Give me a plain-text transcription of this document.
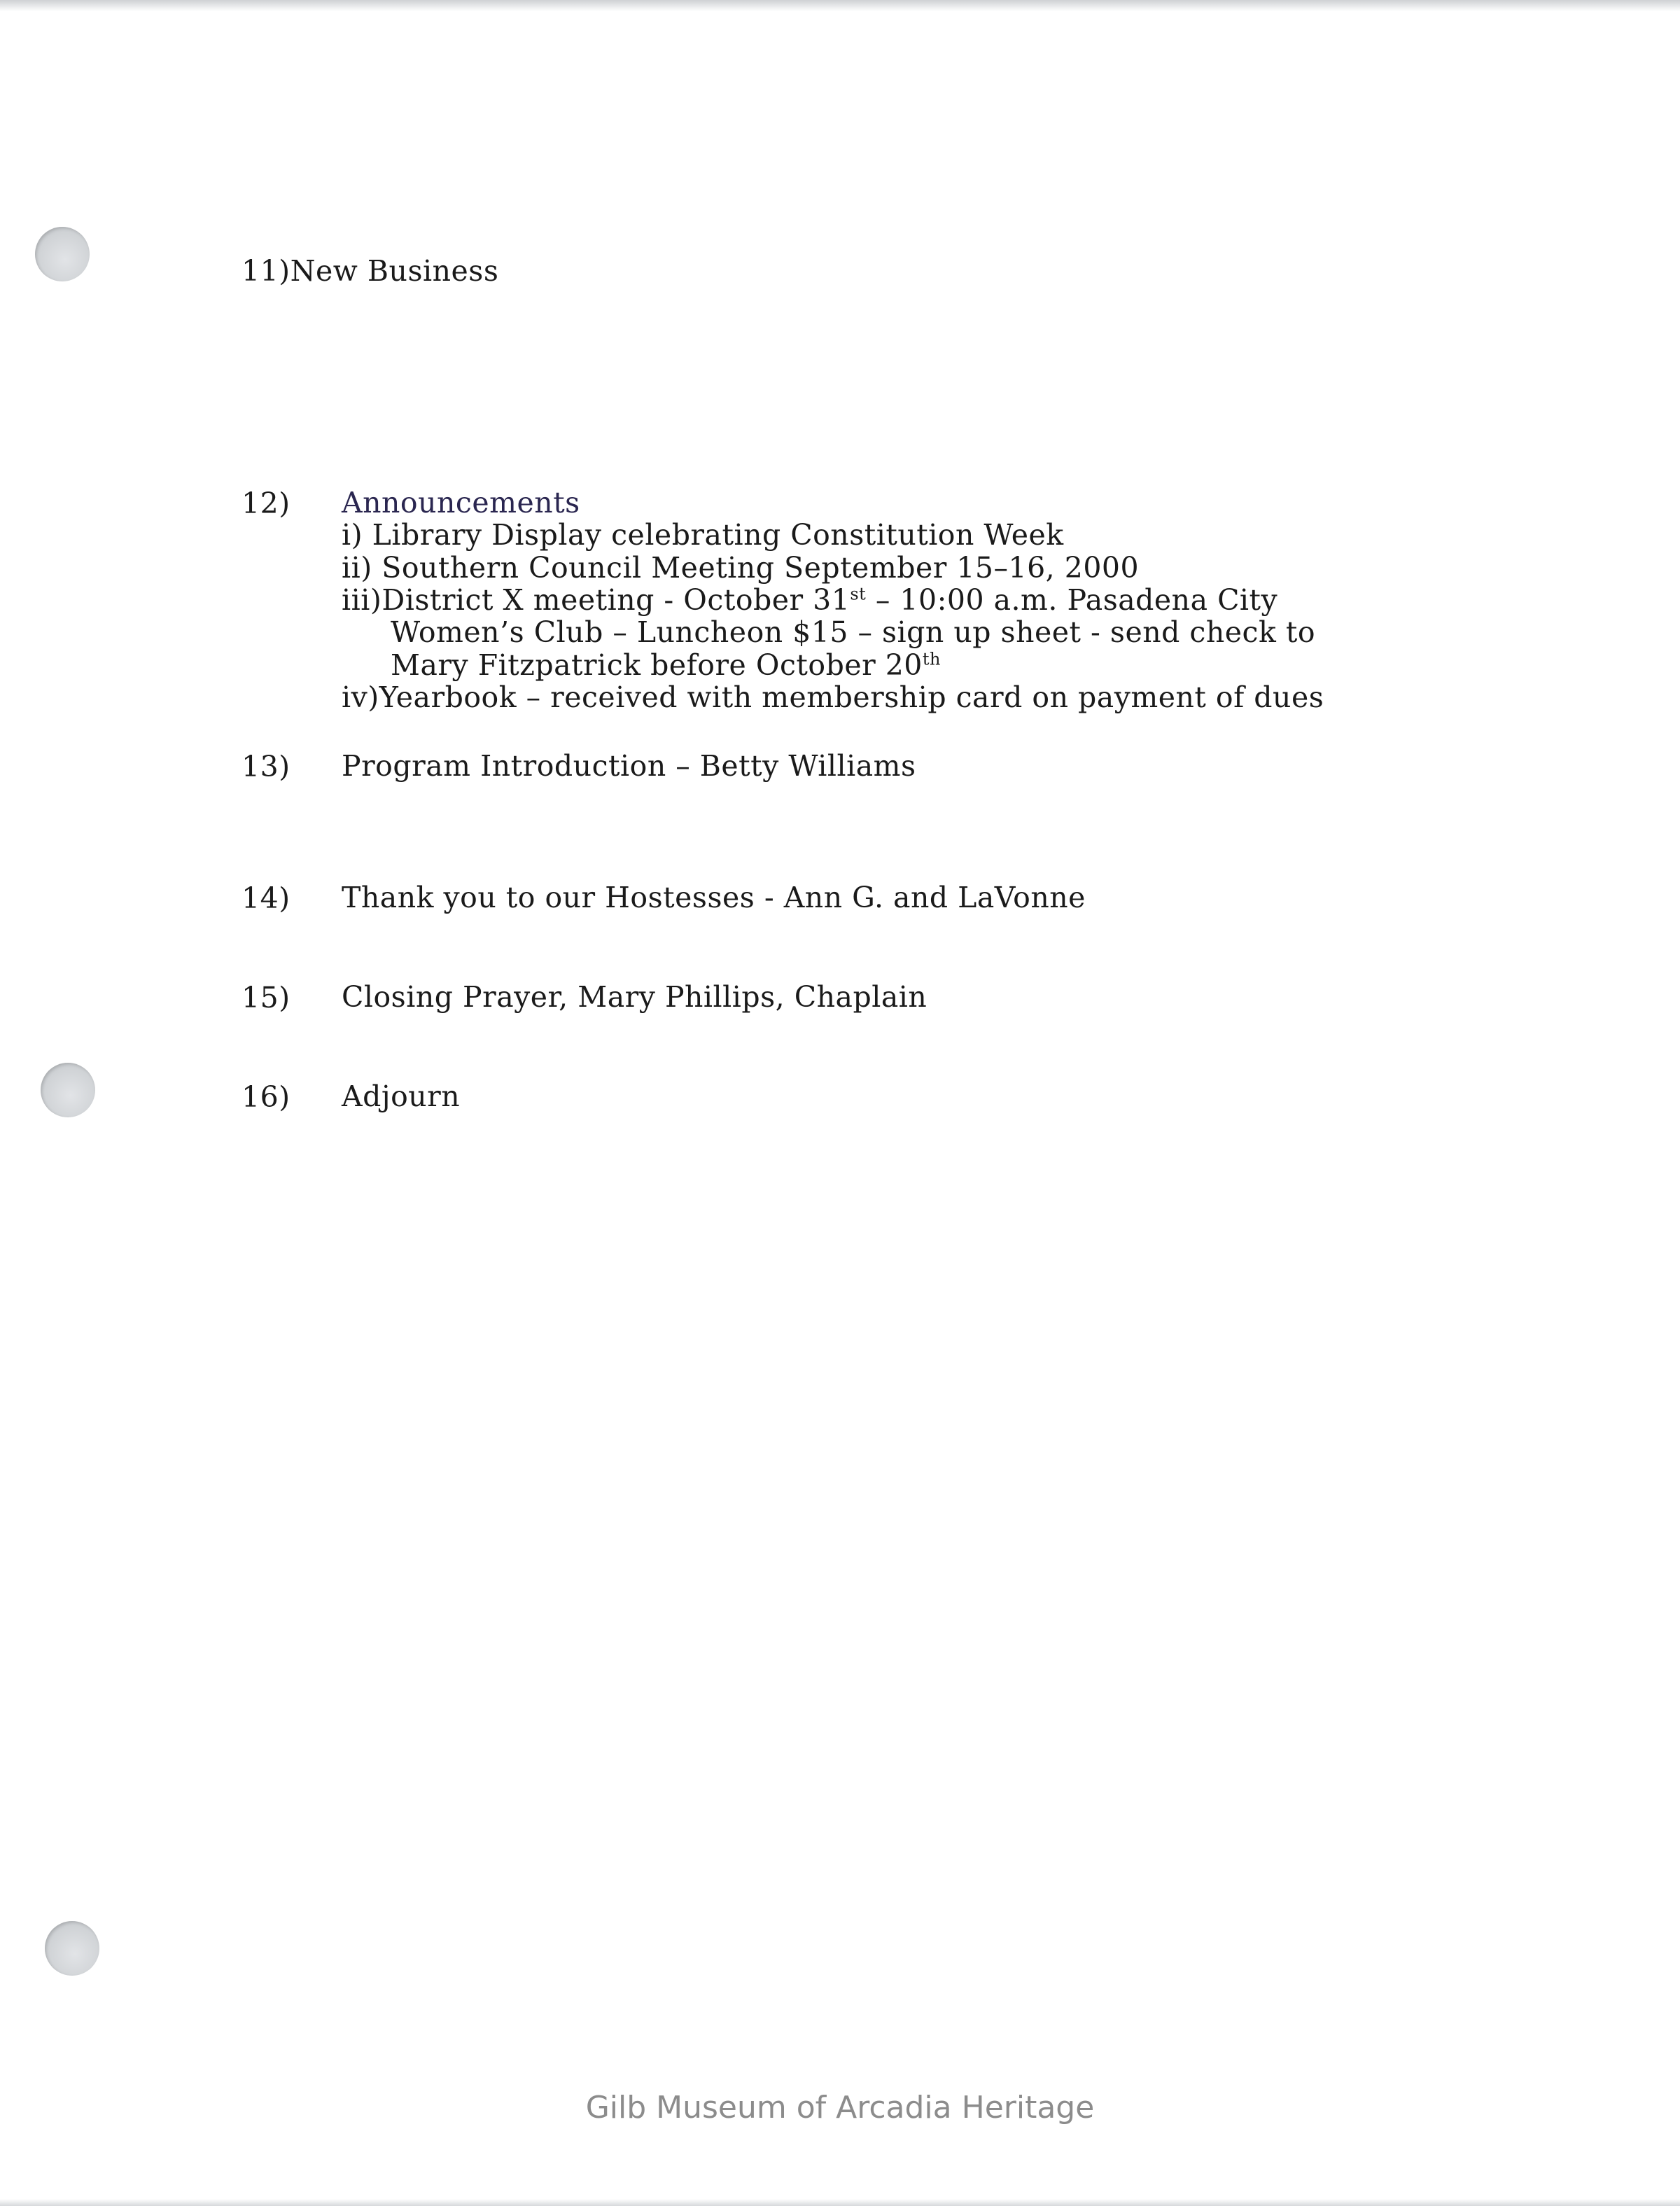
11)New Business
12) Announcements
i) Library Display celebrating Constitution Week
ii) Southern Council Meeting September 15–16, 2000
iii)District X meeting - October 31st – 10:00 a.m. Pasadena City
Women’s Club – Luncheon $15 – sign up sheet - send check to
Mary Fitzpatrick before October 20th
iv)Yearbook – received with membership card on payment of dues
13) Program Introduction – Betty Williams
14) Thank you to our Hostesses - Ann G. and LaVonne
15) Closing Prayer, Mary Phillips, Chaplain
16) Adjourn
Gilb Museum of Arcadia Heritage
